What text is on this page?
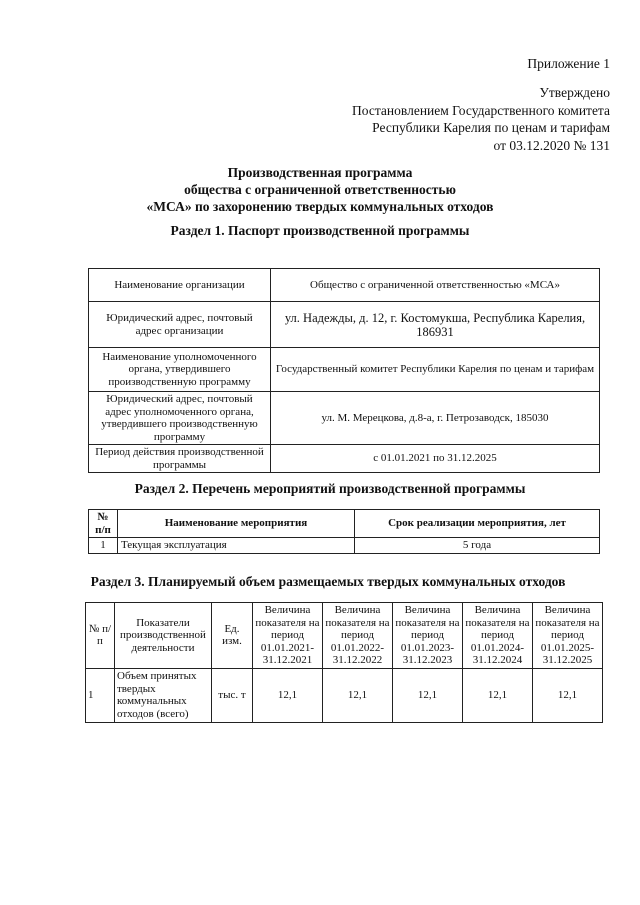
Приложение 1
Утверждено
Постановлением Государственного комитета
Республики Карелия по ценам и тарифам
от 03.12.2020 № 131
Производственная программа
общества с ограниченной ответственностью
«МСА» по захоронению твердых коммунальных отходов
Раздел 1. Паспорт производственной программы
Наименование организации	Общество с ограниченной ответственностью «МСА»
Юридический адрес, почтовый адрес организации	ул. Надежды, д. 12, г. Костомукша, Республика Карелия, 186931
Наименование уполномоченного органа, утвердившего производственную программу	Государственный комитет Республики Карелия по ценам и тарифам
Юридический адрес, почтовый адрес уполномоченного органа, утвердившего производственную программу	ул. М. Мерецкова, д.8-а, г. Петрозаводск, 185030
Период действия производственной программы	с 01.01.2021 по 31.12.2025
Раздел 2. Перечень мероприятий производственной программы
№ п/п	Наименование мероприятия	Срок реализации мероприятия, лет
1	Текущая эксплуатация	5 года
Раздел 3. Планируемый объем размещаемых твердых коммунальных отходов
№ п/п	Показатели производственной деятельности	Ед. изм.	Величина показателя на период 01.01.2021-31.12.2021	Величина показателя на период 01.01.2022-31.12.2022	Величина показателя на период 01.01.2023-31.12.2023	Величина показателя на период 01.01.2024-31.12.2024	Величина показателя на период 01.01.2025-31.12.2025
1	Объем принятых твердых коммунальных отходов (всего)	тыс. т	12,1	12,1	12,1	12,1	12,1
